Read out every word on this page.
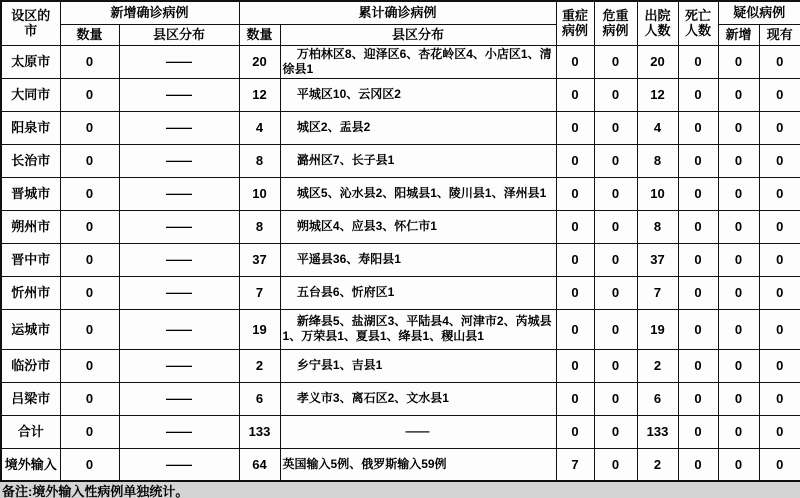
设区的市	新增确诊病例		累计确诊病例		重症病例	危重病例	出院人数	死亡人数	疑似病例	
	数量	县区分布	数量	县区分布					新增	现有
太原市	0	——	20	万柏林区8、迎泽区6、杏花岭区4、小店区1、清徐县1	0	0	20	0	0	0
大同市	0	——	12	平城区10、云冈区2	0	0	12	0	0	0
阳泉市	0	——	4	城区2、盂县2	0	0	4	0	0	0
长治市	0	——	8	潞州区7、长子县1	0	0	8	0	0	0
晋城市	0	——	10	城区5、沁水县2、阳城县1、陵川县1、泽州县1	0	0	10	0	0	0
朔州市	0	——	8	朔城区4、应县3、怀仁市1	0	0	8	0	0	0
晋中市	0	——	37	平遥县36、寿阳县1	0	0	37	0	0	0
忻州市	0	——	7	五台县6、忻府区1	0	0	7	0	0	0
运城市	0	——	19	新绛县5、盐湖区3、平陆县4、河津市2、芮城县1、万荣县1、夏县1、绛县1、稷山县1	0	0	19	0	0	0
临汾市	0	——	2	乡宁县1、吉县1	0	0	2	0	0	0
吕梁市	0	——	6	孝义市3、离石区2、文水县1	0	0	6	0	0	0
合计	0	——	133	——	0	0	133	0	0	0
境外输入	0	——	64	英国输入5例、俄罗斯输入59例	7	0	2	0	0	0
备注:境外输入性病例单独统计。
